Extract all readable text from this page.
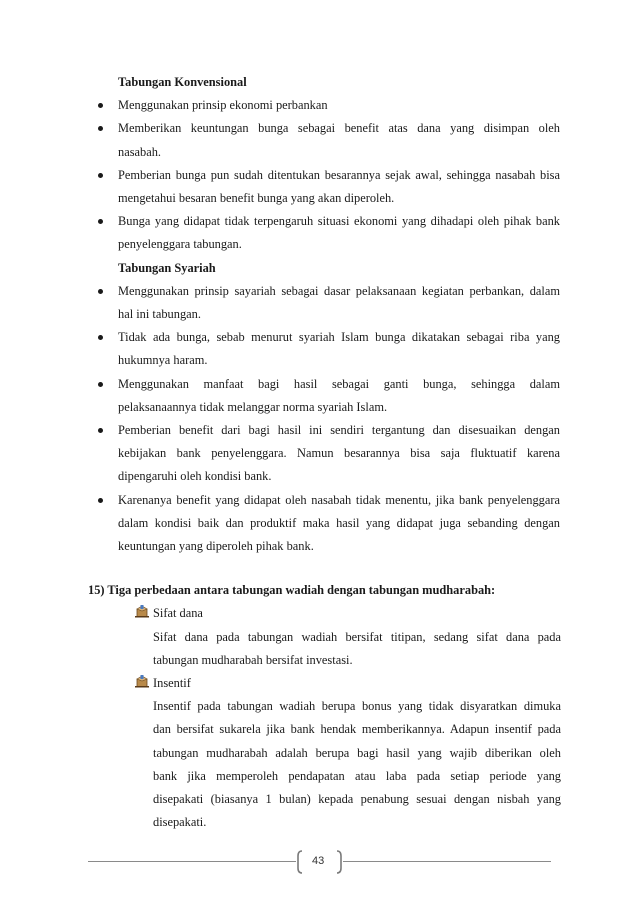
Tabungan Konvensional
Menggunakan prinsip ekonomi perbankan
Memberikan keuntungan bunga sebagai benefit atas dana yang disimpan oleh
nasabah.
Pemberian bunga pun sudah ditentukan besarannya sejak awal, sehingga nasabah bisa
mengetahui besaran benefit bunga yang akan diperoleh.
Bunga yang didapat tidak terpengaruh situasi ekonomi yang dihadapi oleh pihak bank
penyelenggara tabungan.
Tabungan Syariah
Menggunakan prinsip sayariah sebagai dasar pelaksanaan kegiatan perbankan, dalam
hal ini tabungan.
Tidak ada bunga, sebab menurut syariah Islam bunga dikatakan sebagai riba yang
hukumnya haram.
Menggunakan manfaat bagi hasil sebagai ganti bunga, sehingga dalam
pelaksanaannya tidak melanggar norma syariah Islam.
Pemberian benefit dari bagi hasil ini sendiri tergantung dan disesuaikan dengan
kebijakan bank penyelenggara. Namun besarannya bisa saja fluktuatif karena
dipengaruhi oleh kondisi bank.
Karenanya benefit yang didapat oleh nasabah tidak menentu, jika bank penyelenggara
dalam kondisi baik dan produktif maka hasil yang didapat juga sebanding dengan
keuntungan yang diperoleh pihak bank.
15) Tiga perbedaan antara tabungan wadiah dengan tabungan mudharabah:
Sifat dana
Sifat dana pada tabungan wadiah bersifat titipan, sedang sifat dana pada
tabungan mudharabah bersifat investasi.
Insentif
Insentif pada tabungan wadiah berupa bonus yang tidak disyaratkan dimuka
dan bersifat sukarela jika bank hendak memberikannya. Adapun insentif pada
tabungan mudharabah adalah berupa bagi hasil yang wajib diberikan oleh
bank jika memperoleh pendapatan atau laba pada setiap periode yang
disepakati (biasanya 1 bulan) kepada penabung sesuai dengan nisbah yang
disepakati.
43
